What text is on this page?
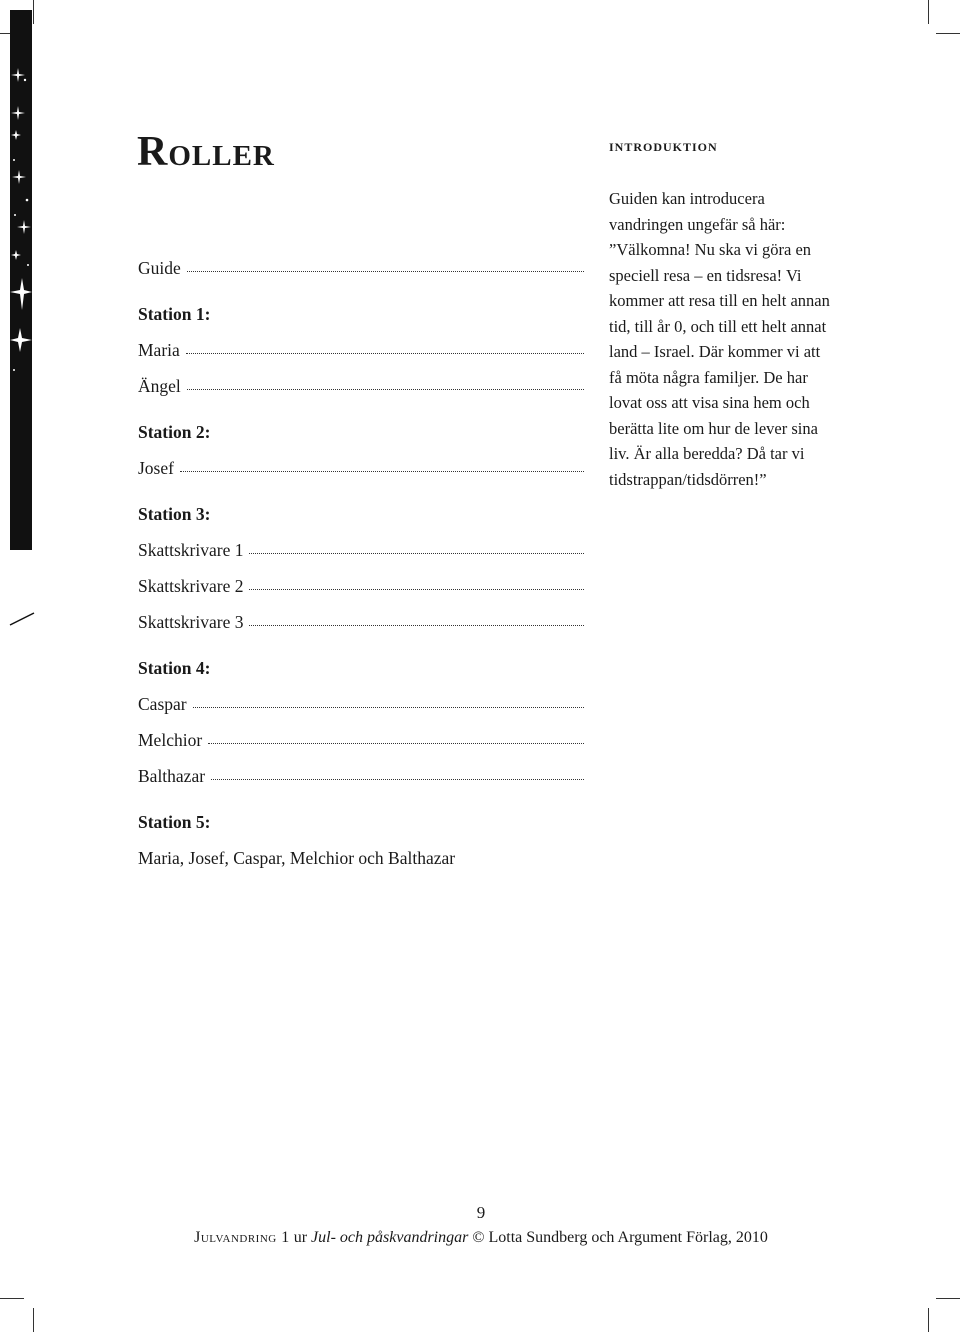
Roller
Guide
Station 1:
Maria
Ängel
Station 2:
Josef
Station 3:
Skattskrivare 1
Skattskrivare 2
Skattskrivare 3
Station 4:
Caspar
Melchior
Balthazar
Station 5:
Maria, Josef, Caspar, Melchior och Balthazar
introduktion

Guiden kan introducera vandringen ungefär så här: ”Välkomna! Nu ska vi göra en speciell resa – en tidsresa! Vi kommer att resa till en helt annan tid, till år 0, och till ett helt annat land – Israel. Där kommer vi att få möta några familjer. De har lovat oss att visa sina hem och berätta lite om hur de lever sina liv. Är alla beredda? Då tar vi tidstrappan/tidsdörren!”

9
Julvandring 1 ur Jul- och påskvandringar © Lotta Sundberg och Argument Förlag, 2010
